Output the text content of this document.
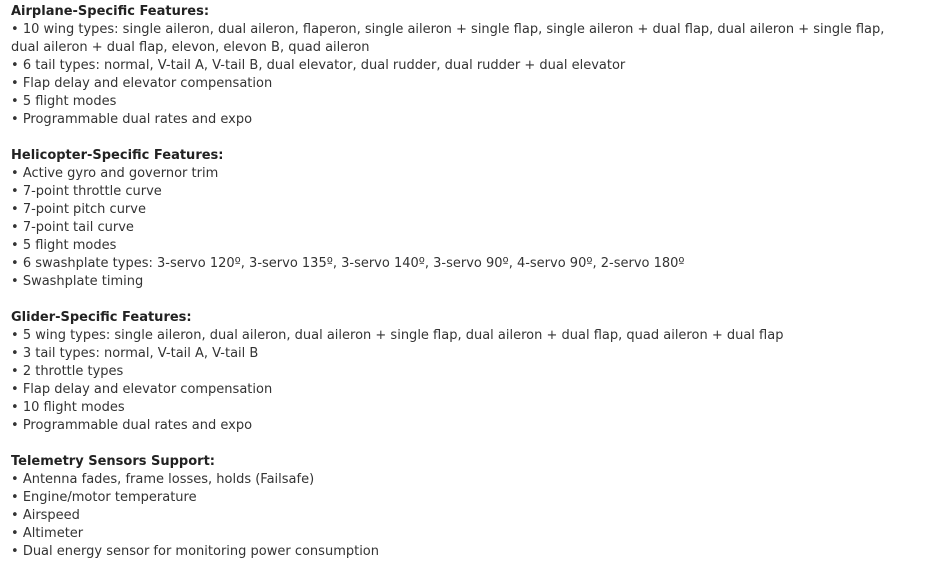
Airplane-Specific Features:
• 10 wing types: single aileron, dual aileron, flaperon, single aileron + single flap, single aileron + dual flap, dual aileron + single flap, dual aileron + dual flap, elevon, elevon B, quad aileron
• 6 tail types: normal, V-tail A, V-tail B, dual elevator, dual rudder, dual rudder + dual elevator
• Flap delay and elevator compensation
• 5 flight modes
• Programmable dual rates and expo
Helicopter-Specific Features:
• Active gyro and governor trim
• 7-point throttle curve
• 7-point pitch curve
• 7-point tail curve
• 5 flight modes
• 6 swashplate types: 3-servo 120º, 3-servo 135º, 3-servo 140º, 3-servo 90º, 4-servo 90º, 2-servo 180º
• Swashplate timing
Glider-Specific Features:
• 5 wing types: single aileron, dual aileron, dual aileron + single flap, dual aileron + dual flap, quad aileron + dual flap
• 3 tail types: normal, V-tail A, V-tail B
• 2 throttle types
• Flap delay and elevator compensation
• 10 flight modes
• Programmable dual rates and expo
Telemetry Sensors Support:
• Antenna fades, frame losses, holds (Failsafe)
• Engine/motor temperature
• Airspeed
• Altimeter
• Dual energy sensor for monitoring power consumption
